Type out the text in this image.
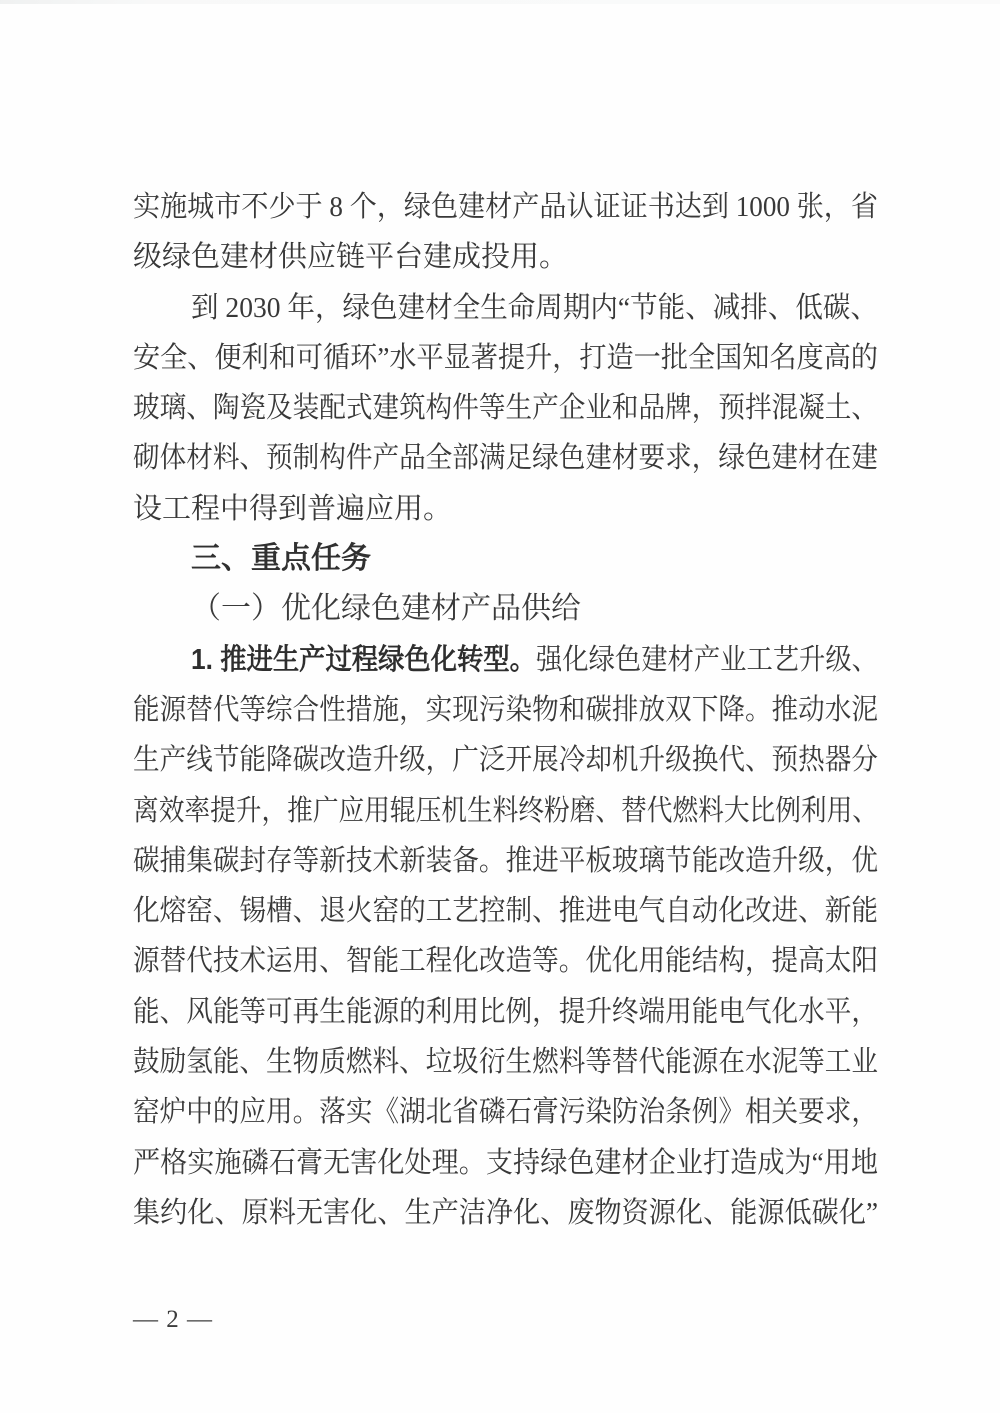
实施城市不少于 8 个，绿色建材产品认证证书达到 1000 张，省
级绿色建材供应链平台建成投用。
到 2030 年，绿色建材全生命周期内“节能、减排、低碳、
安全、便利和可循环”水平显著提升，打造一批全国知名度高的
玻璃、陶瓷及装配式建筑构件等生产企业和品牌，预拌混凝土、
砌体材料、预制构件产品全部满足绿色建材要求，绿色建材在建
设工程中得到普遍应用。
三、重点任务
（一）优化绿色建材产品供给
1. 推进生产过程绿色化转型。强化绿色建材产业工艺升级、
能源替代等综合性措施，实现污染物和碳排放双下降。推动水泥
生产线节能降碳改造升级，广泛开展冷却机升级换代、预热器分
离效率提升，推广应用辊压机生料终粉磨、替代燃料大比例利用、
碳捕集碳封存等新技术新装备。推进平板玻璃节能改造升级，优
化熔窑、锡槽、退火窑的工艺控制、推进电气自动化改进、新能
源替代技术运用、智能工程化改造等。优化用能结构，提高太阳
能、风能等可再生能源的利用比例，提升终端用能电气化水平，
鼓励氢能、生物质燃料、垃圾衍生燃料等替代能源在水泥等工业
窑炉中的应用。落实《湖北省磷石膏污染防治条例》相关要求，
严格实施磷石膏无害化处理。支持绿色建材企业打造成为“用地
集约化、原料无害化、生产洁净化、废物资源化、能源低碳化”
— 2 —
